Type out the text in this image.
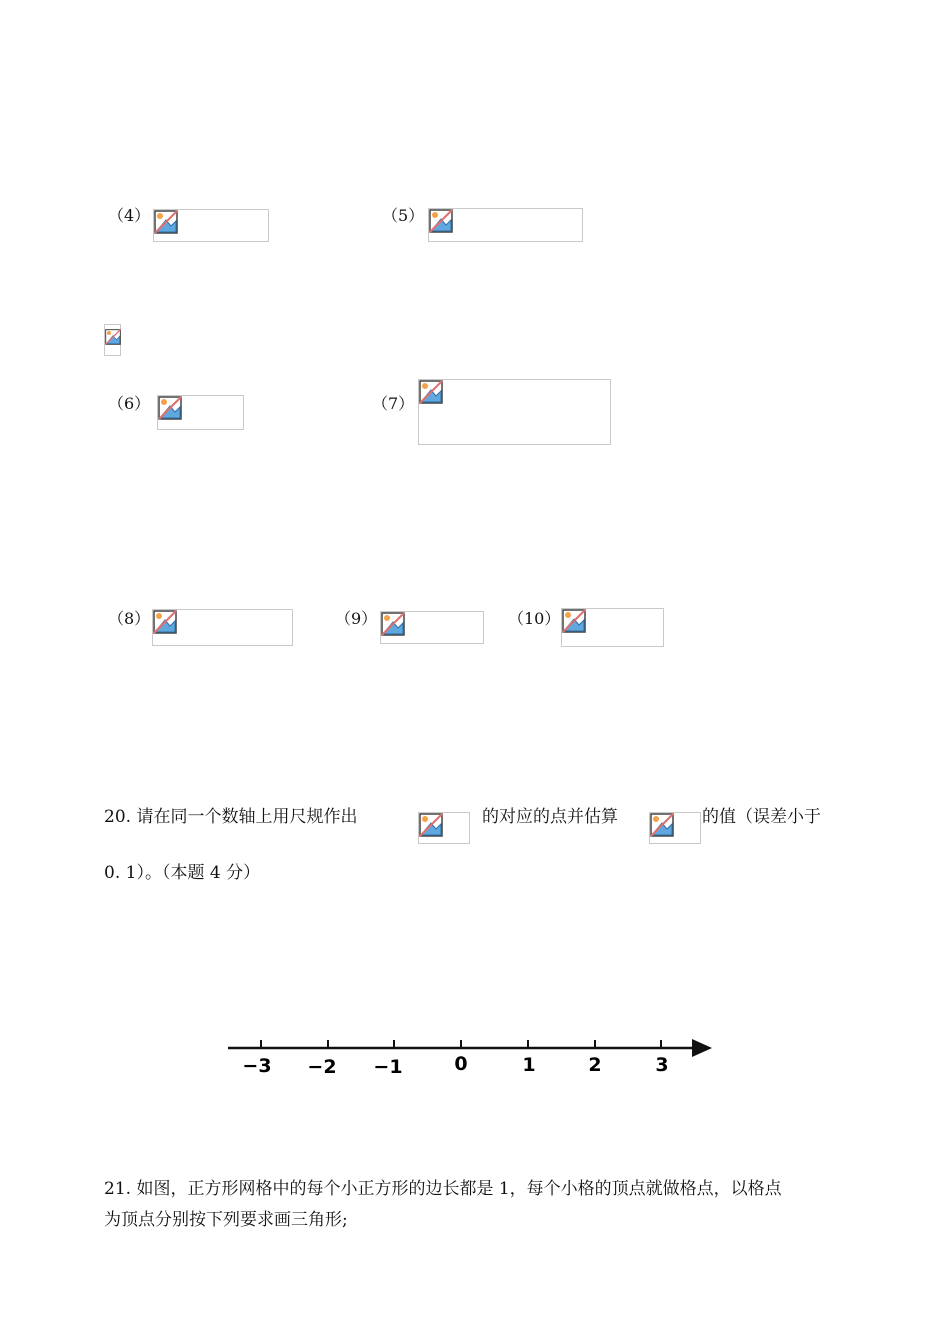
（4）	（5）
（6）	（7）
（8）	（9）	（10）
20. 请在同一个数轴上用尺规作出	的对应的点并估算	的值（误差小于
0. 1）。（本题 4 分）
−3 −2 −1	0	1	2	3
21. 如图，正方形网格中的每个小正方形的边长都是 1，每个小格的顶点就做格点，以格点
为顶点分别按下列要求画三角形;
